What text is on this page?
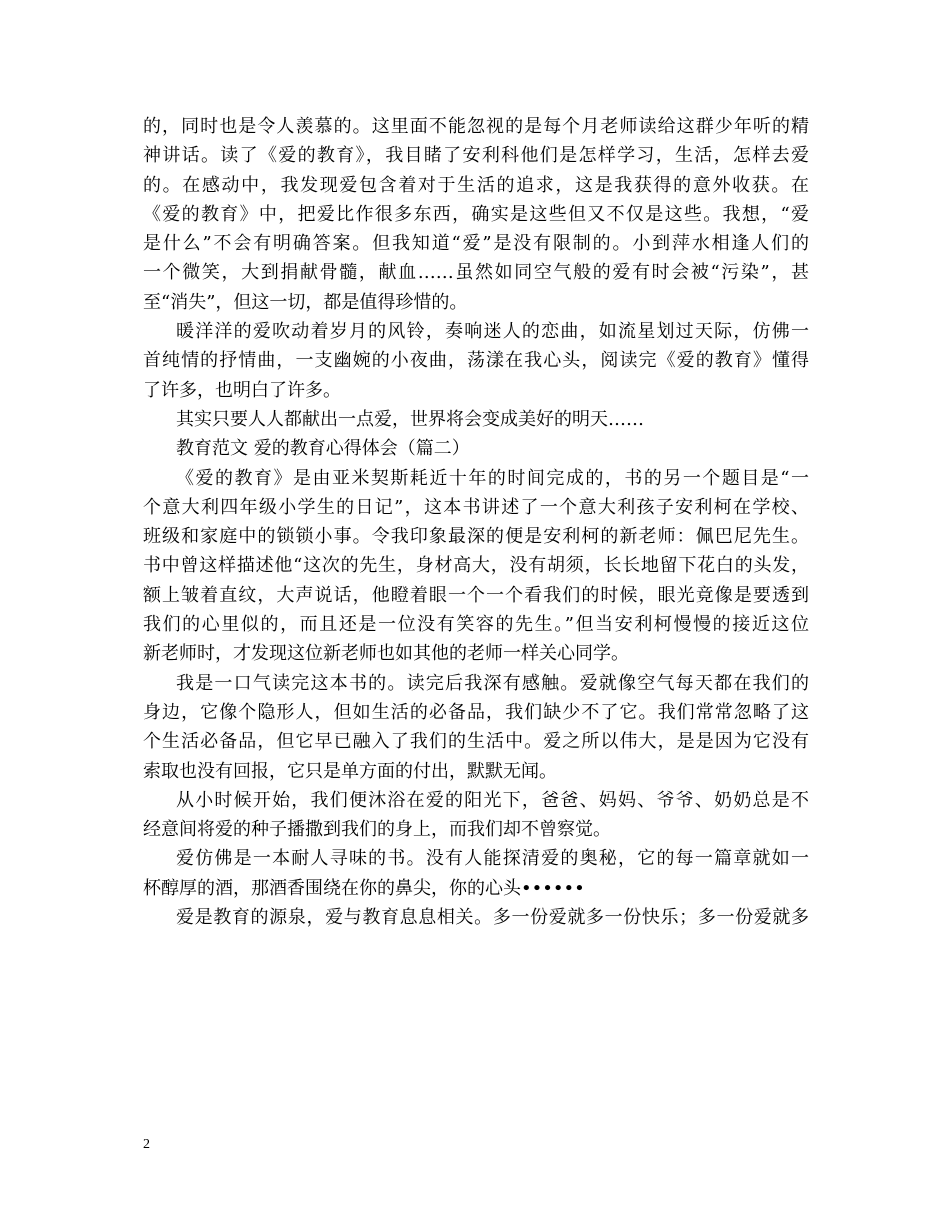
的，同时也是令人羡慕的。这里面不能忽视的是每个月老师读给这群少年听的精
神讲话。读了《爱的教育》，我目睹了安利科他们是怎样学习，生活，怎样去爱
的。在感动中，我发现爱包含着对于生活的追求，这是我获得的意外收获。在
《爱的教育》中，把爱比作很多东西，确实是这些但又不仅是这些。我想，“爱
是什么”不会有明确答案。但我知道“爱”是没有限制的。小到萍水相逢人们的
一个微笑，大到捐献骨髓，献血……虽然如同空气般的爱有时会被“污染”，甚
至“消失”，但这一切，都是值得珍惜的。
暖洋洋的爱吹动着岁月的风铃，奏响迷人的恋曲，如流星划过天际，仿佛一
首纯情的抒情曲，一支幽婉的小夜曲，荡漾在我心头，阅读完《爱的教育》懂得
了许多，也明白了许多。
其实只要人人都献出一点爱，世界将会变成美好的明天……
教育范文 爱的教育心得体会（篇二）
《爱的教育》是由亚米契斯耗近十年的时间完成的，书的另一个题目是“一
个意大利四年级小学生的日记”，这本书讲述了一个意大利孩子安利柯在学校、
班级和家庭中的锁锁小事。令我印象最深的便是安利柯的新老师：佩巴尼先生。
书中曾这样描述他“这次的先生，身材高大，没有胡须，长长地留下花白的头发，
额上皱着直纹，大声说话，他瞪着眼一个一个看我们的时候，眼光竟像是要透到
我们的心里似的，而且还是一位没有笑容的先生。”但当安利柯慢慢的接近这位
新老师时，才发现这位新老师也如其他的老师一样关心同学。
我是一口气读完这本书的。读完后我深有感触。爱就像空气每天都在我们的
身边，它像个隐形人，但如生活的必备品，我们缺少不了它。我们常常忽略了这
个生活必备品，但它早已融入了我们的生活中。爱之所以伟大，是是因为它没有
索取也没有回报，它只是单方面的付出，默默无闻。
从小时候开始，我们便沐浴在爱的阳光下，爸爸、妈妈、爷爷、奶奶总是不
经意间将爱的种子播撒到我们的身上，而我们却不曾察觉。
爱仿佛是一本耐人寻味的书。没有人能探清爱的奥秘，它的每一篇章就如一
杯醇厚的酒，那酒香围绕在你的鼻尖，你的心头••••••
爱是教育的源泉，爱与教育息息相关。多一份爱就多一份快乐；多一份爱就多
2
